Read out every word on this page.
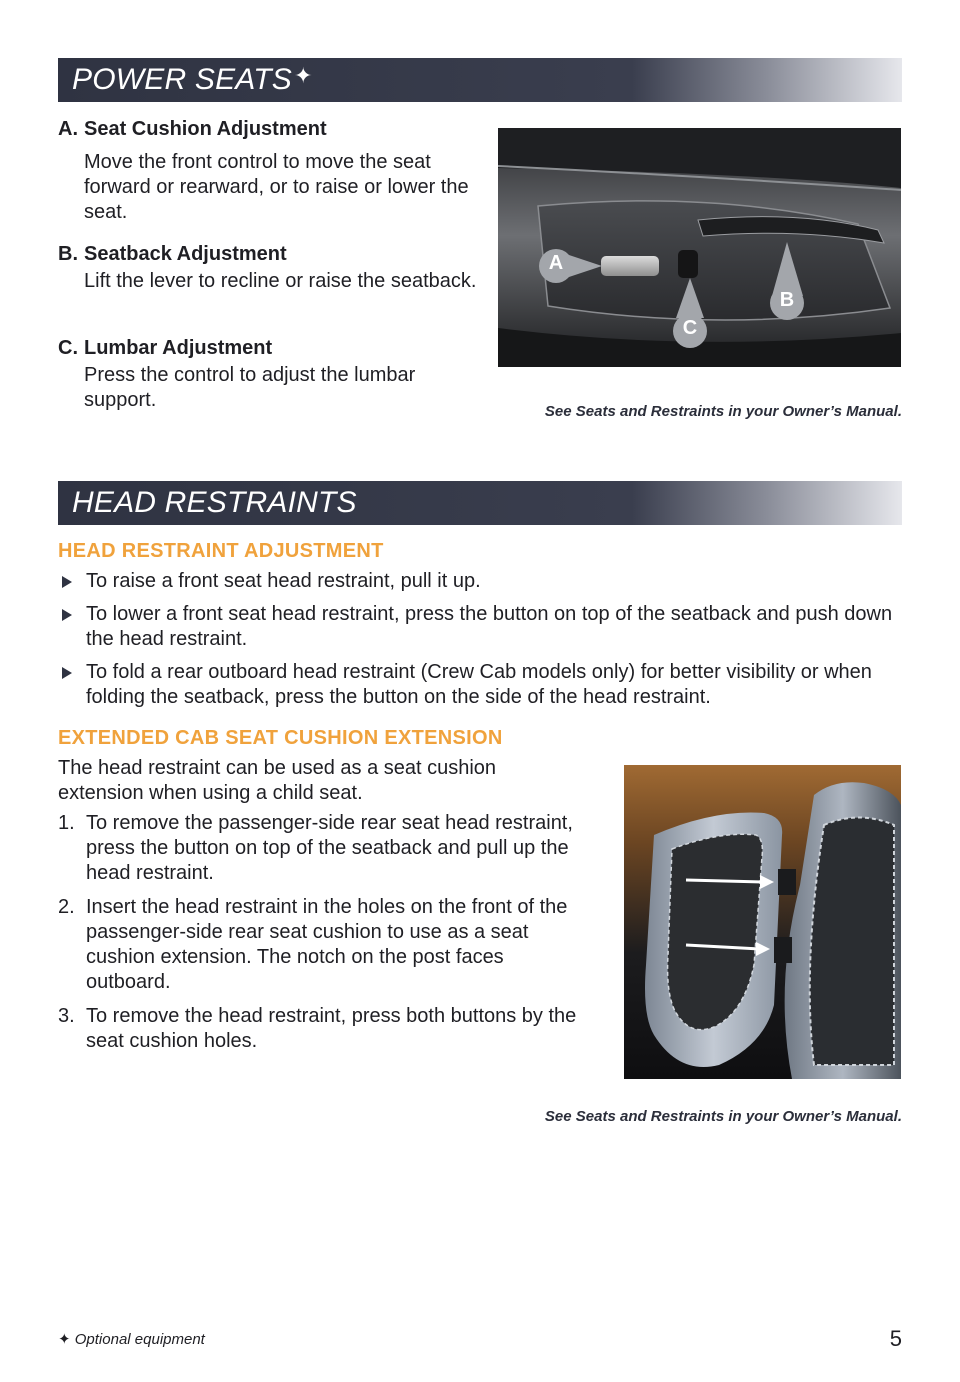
POWER SEATS✦
A. Seat Cushion Adjustment
Move the front control to move the seat forward or rearward, or to raise or lower the seat.
B. Seatback Adjustment
Lift the lever to recline or raise the seatback.
C. Lumbar Adjustment
Press the control to adjust the lumbar support.
A
B
C
See Seats and Restraints in your Owner’s Manual.
HEAD RESTRAINTS
HEAD RESTRAINT ADJUSTMENT
To raise a front seat head restraint, pull it up.
To lower a front seat head restraint, press the button on top of the seatback and push down the head restraint.
To fold a rear outboard head restraint (Crew Cab models only) for better visibility or when folding the seatback, press the button on the side of the head restraint.
EXTENDED CAB SEAT CUSHION EXTENSION
The head restraint can be used as a seat cushion extension when using a child seat.
1. To remove the passenger-side rear seat head restraint, press the button on top of the seatback and pull up the head restraint.
2. Insert the head restraint in the holes on the front of the passenger-side rear seat cushion to use as a seat cushion extension. The notch on the post faces outboard.
3. To remove the head restraint, press both buttons by the seat cushion holes.
See Seats and Restraints in your Owner’s Manual.
✦ Optional equipment	5
